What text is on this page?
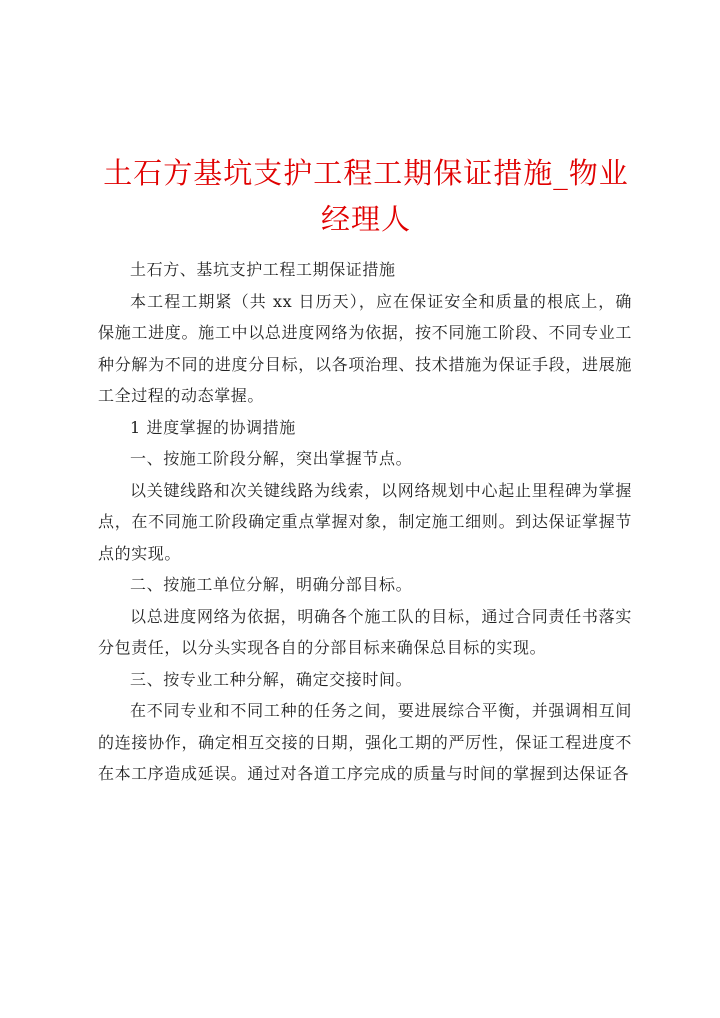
土石方基坑支护工程工期保证措施_物业经理人

土石方、基坑支护工程工期保证措施

本工程工期紧（共 xx 日历天），应在保证安全和质量的根底上，确保施工进度。施工中以总进度网络为依据，按不同施工阶段、不同专业工种分解为不同的进度分目标，以各项治理、技术措施为保证手段，进展施工全过程的动态掌握。

1 进度掌握的协调措施

一、按施工阶段分解，突出掌握节点。

以关键线路和次关键线路为线索，以网络规划中心起止里程碑为掌握点，在不同施工阶段确定重点掌握对象，制定施工细则。到达保证掌握节点的实现。

二、按施工单位分解，明确分部目标。

以总进度网络为依据，明确各个施工队的目标，通过合同责任书落实分包责任，以分头实现各自的分部目标来确保总目标的实现。

三、按专业工种分解，确定交接时间。

在不同专业和不同工种的任务之间，要进展综合平衡，并强调相互间的连接协作，确定相互交接的日期，强化工期的严厉性，保证工程进度不在本工序造成延误。通过对各道工序完成的质量与时间的掌握到达保证各
